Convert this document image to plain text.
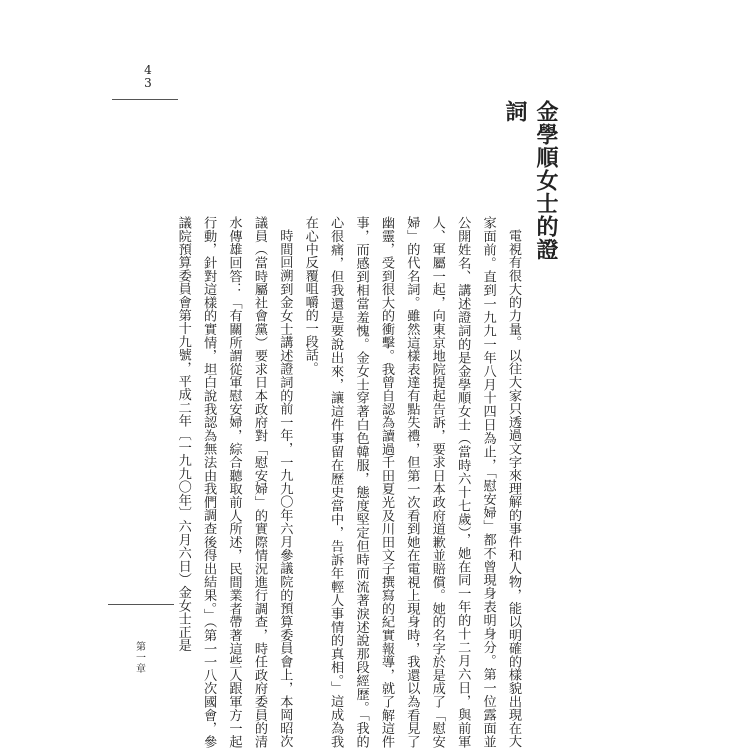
4
3
第
一
章
金學順女士的證詞

電視有很大的力量。以往大家只透過文字來理解的事件和人物，能以明確的樣貌出現在大家面前。直到一九九一年八月十四日為止，「慰安婦」都不曾現身表明身分。第一位露面並公開姓名、講述證詞的是金學順女士（當時六十七歲），她在同一年的十二月六日，與前軍人、軍屬一起，向東京地院提起告訴，要求日本政府道歉並賠償。她的名字於是成了「慰安婦」的代名詞。雖然這樣表達有點失禮，但第一次看到她在電視上現身時，我還以為看見了幽靈，受到很大的衝擊。我曾自認為讀過千田夏光及川田文子撰寫的紀實報導，就了解這件事，而感到相當羞愧。金女士穿著白色韓服，態度堅定但時而流著淚述說那段經歷。「我的心很痛，但我還是要說出來，讓這件事留在歷史當中，告訴年輕人事情的真相。」這成為我在心中反覆咀嚼的一段話。

時間回溯到金女士講述證詞的前一年，一九九〇年六月參議院的預算委員會上，本岡昭次議員（當時屬社會黨）要求日本政府對「慰安婦」的實際情況進行調查，時任政府委員的清水傳雄回答：「有關所謂從軍慰安婦，綜合聽取前人所述，民間業者帶著這些人跟軍方一起行動，針對這樣的實情，坦白說我認為無法由我們調查後得出結果。」（第一一八次國會，參議院預算委員會第十九號，平成二年〔一九九〇年〕六月六日）金女士正是
